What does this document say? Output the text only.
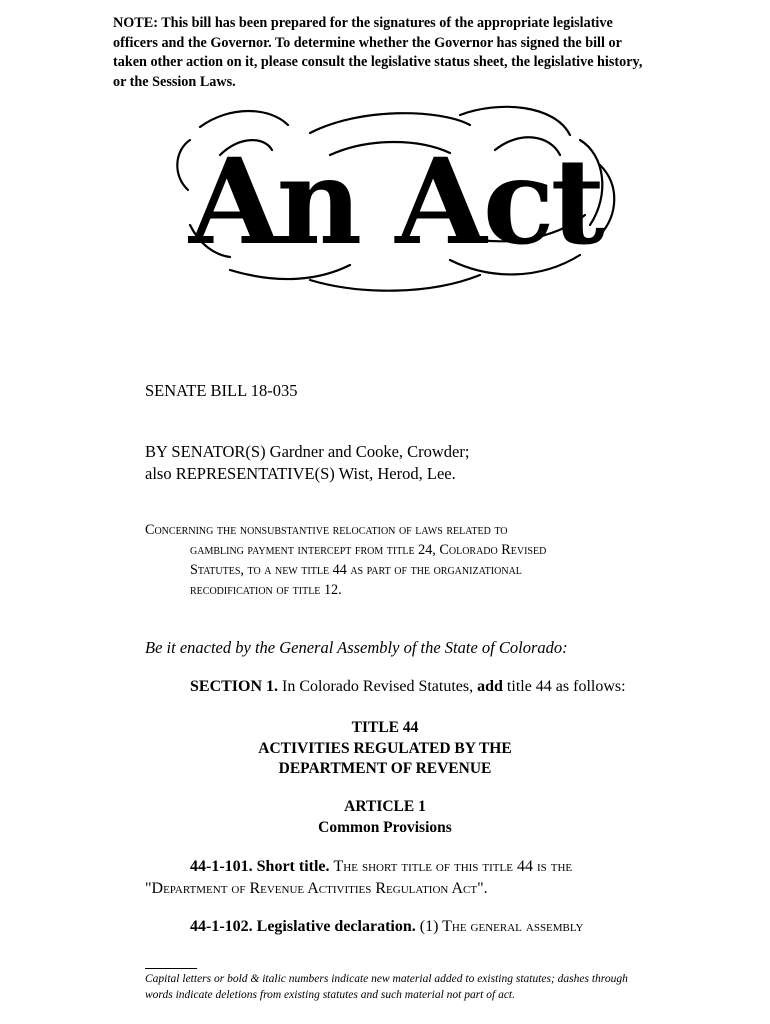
NOTE: This bill has been prepared for the signatures of the appropriate legislative officers and the Governor. To determine whether the Governor has signed the bill or taken other action on it, please consult the legislative status sheet, the legislative history, or the Session Laws.
An Act
SENATE BILL 18-035
BY SENATOR(S) Gardner and Cooke, Crowder;
also REPRESENTATIVE(S) Wist, Herod, Lee.
Concerning the nonsubstantive relocation of laws related to
gambling payment intercept from title 24, Colorado Revised
Statutes, to a new title 44 as part of the organizational
recodification of title 12.
Be it enacted by the General Assembly of the State of Colorado:
SECTION 1. In Colorado Revised Statutes, add title 44 as follows:
TITLE 44
ACTIVITIES REGULATED BY THE
DEPARTMENT OF REVENUE
ARTICLE 1
Common Provisions
44-1-101. Short title. The short title of this title 44 is the
"Department of Revenue Activities Regulation Act".
44-1-102. Legislative declaration. (1) The general assembly
Capital letters or bold & italic numbers indicate new material added to existing statutes; dashes through words indicate deletions from existing statutes and such material not part of act.
